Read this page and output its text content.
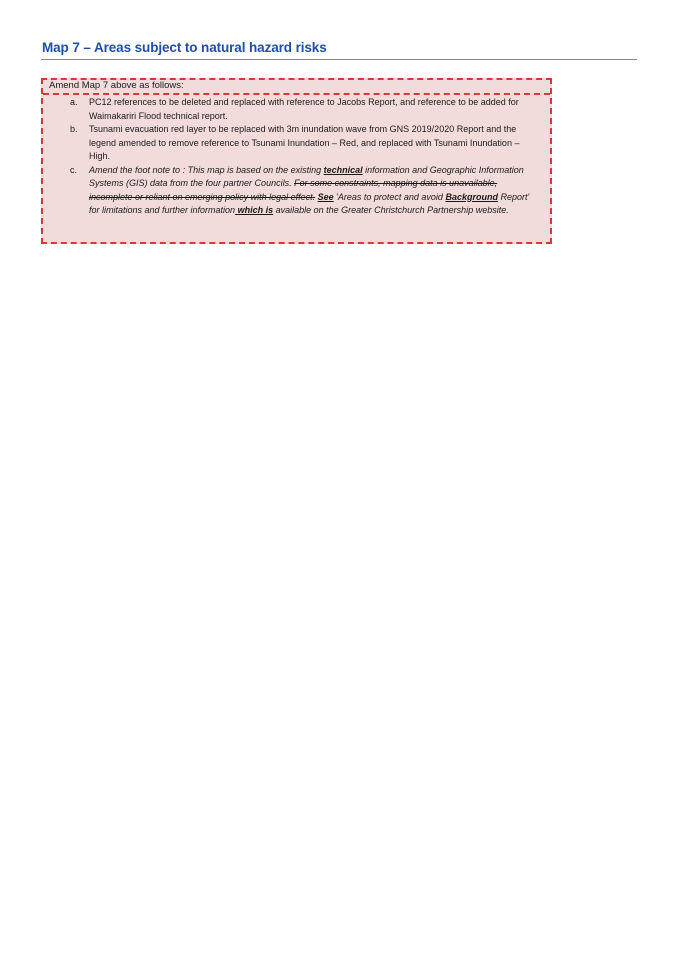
Map 7 – Areas subject to natural hazard risks
Amend Map 7 above as follows:
a. PC12 references to be deleted and replaced with reference to Jacobs Report, and reference to be added for Waimakariri Flood technical report.
b. Tsunami evacuation red layer to be replaced with 3m inundation wave from GNS 2019/2020 Report and the legend amended to remove reference to Tsunami Inundation – Red, and replaced with Tsunami Inundation – High.
c. Amend the foot note to : This map is based on the existing technical information and Geographic Information Systems (GIS) data from the four partner Councils. For some constraints, mapping data is unavailable, incomplete or reliant on emerging policy with legal effect. See 'Areas to protect and avoid Background Report' for limitations and further information which is available on the Greater Christchurch Partnership website.
